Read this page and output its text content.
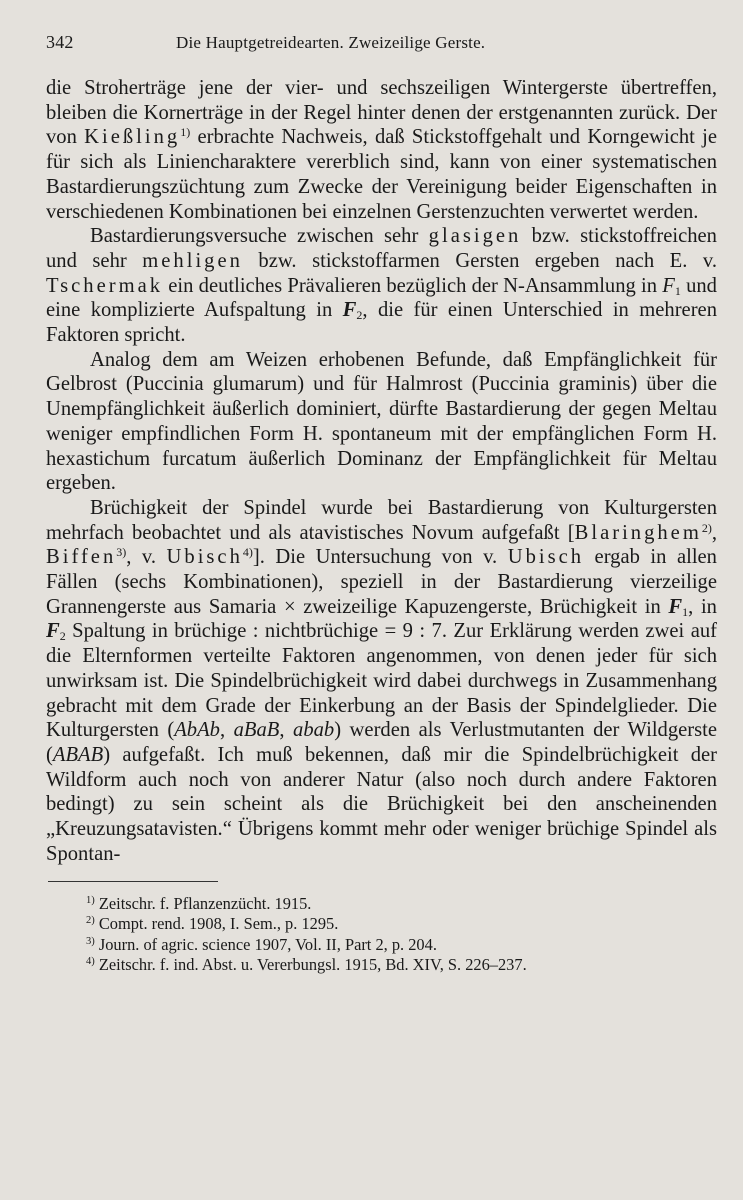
342	Die Hauptgetreidearten. Zweizeilige Gerste.

die Stroherträge jene der vier- und sechszeiligen Wintergerste übertreffen, bleiben die Kornerträge in der Regel hinter denen der erstgenannten zurück. Der von Kießling$^{1)}$ erbrachte Nachweis, daß Stickstoffgehalt und Korngewicht je für sich als Liniencharaktere vererblich sind, kann von einer systematischen Bastardierungszüchtung zum Zwecke der Vereinigung beider Eigenschaften in verschiedenen Kombinationen bei einzelnen Gerstenzuchten verwertet werden.

Bastardierungsversuche zwischen sehr glasigen bzw. stickstoffreichen und sehr mehligen bzw. stickstoffarmen Gersten ergeben nach E. v. Tschermak ein deutliches Prävalieren bezüglich der N-Ansammlung in $F_1$ und eine komplizierte Aufspaltung in $F_2$, die für einen Unterschied in mehreren Faktoren spricht.

Analog dem am Weizen erhobenen Befunde, daß Empfänglichkeit für Gelbrost (Puccinia glumarum) und für Halmrost (Puccinia graminis) über die Unempfänglichkeit äußerlich dominiert, dürfte Bastardierung der gegen Meltau weniger empfindlichen Form H. spontaneum mit der empfänglichen Form H. hexastichum furcatum äußerlich Dominanz der Empfänglichkeit für Meltau ergeben.

Brüchigkeit der Spindel wurde bei Bastardierung von Kulturgersten mehrfach beobachtet und als atavistisches Novum aufgefaßt [Blaringhem$^{2)}$, Biffen$^{3)}$, v. Ubisch$^{4)}$]. Die Untersuchung von v. Ubisch ergab in allen Fällen (sechs Kombinationen), speziell in der Bastardierung vierzeilige Grannengerste aus Samaria × zweizeilige Kapuzengerste, Brüchigkeit in $F_1$, in $F_2$ Spaltung in brüchige : nichtbrüchige = 9 : 7. Zur Erklärung werden zwei auf die Elternformen verteilte Faktoren angenommen, von denen jeder für sich unwirksam ist. Die Spindelbrüchigkeit wird dabei durchwegs in Zusammenhang gebracht mit dem Grade der Einkerbung an der Basis der Spindelglieder. Die Kulturgersten (AbAb, aBaB, abab) werden als Verlustmutanten der Wildgerste (ABAB) aufgefaßt. Ich muß bekennen, daß mir die Spindelbrüchigkeit der Wildform auch noch von anderer Natur (also noch durch andere Faktoren bedingt) zu sein scheint als die Brüchigkeit bei den anscheinenden „Kreuzungsatavisten.“ Übrigens kommt mehr oder weniger brüchige Spindel als Spontan-

$^{1)}$ Zeitschr. f. Pflanzenzücht. 1915.
$^{2)}$ Compt. rend. 1908, I. Sem., p. 1295.
$^{3)}$ Journ. of agric. science 1907, Vol. II, Part 2, p. 204.
$^{4)}$ Zeitschr. f. ind. Abst. u. Vererbungsl. 1915, Bd. XIV, S. 226–237.
